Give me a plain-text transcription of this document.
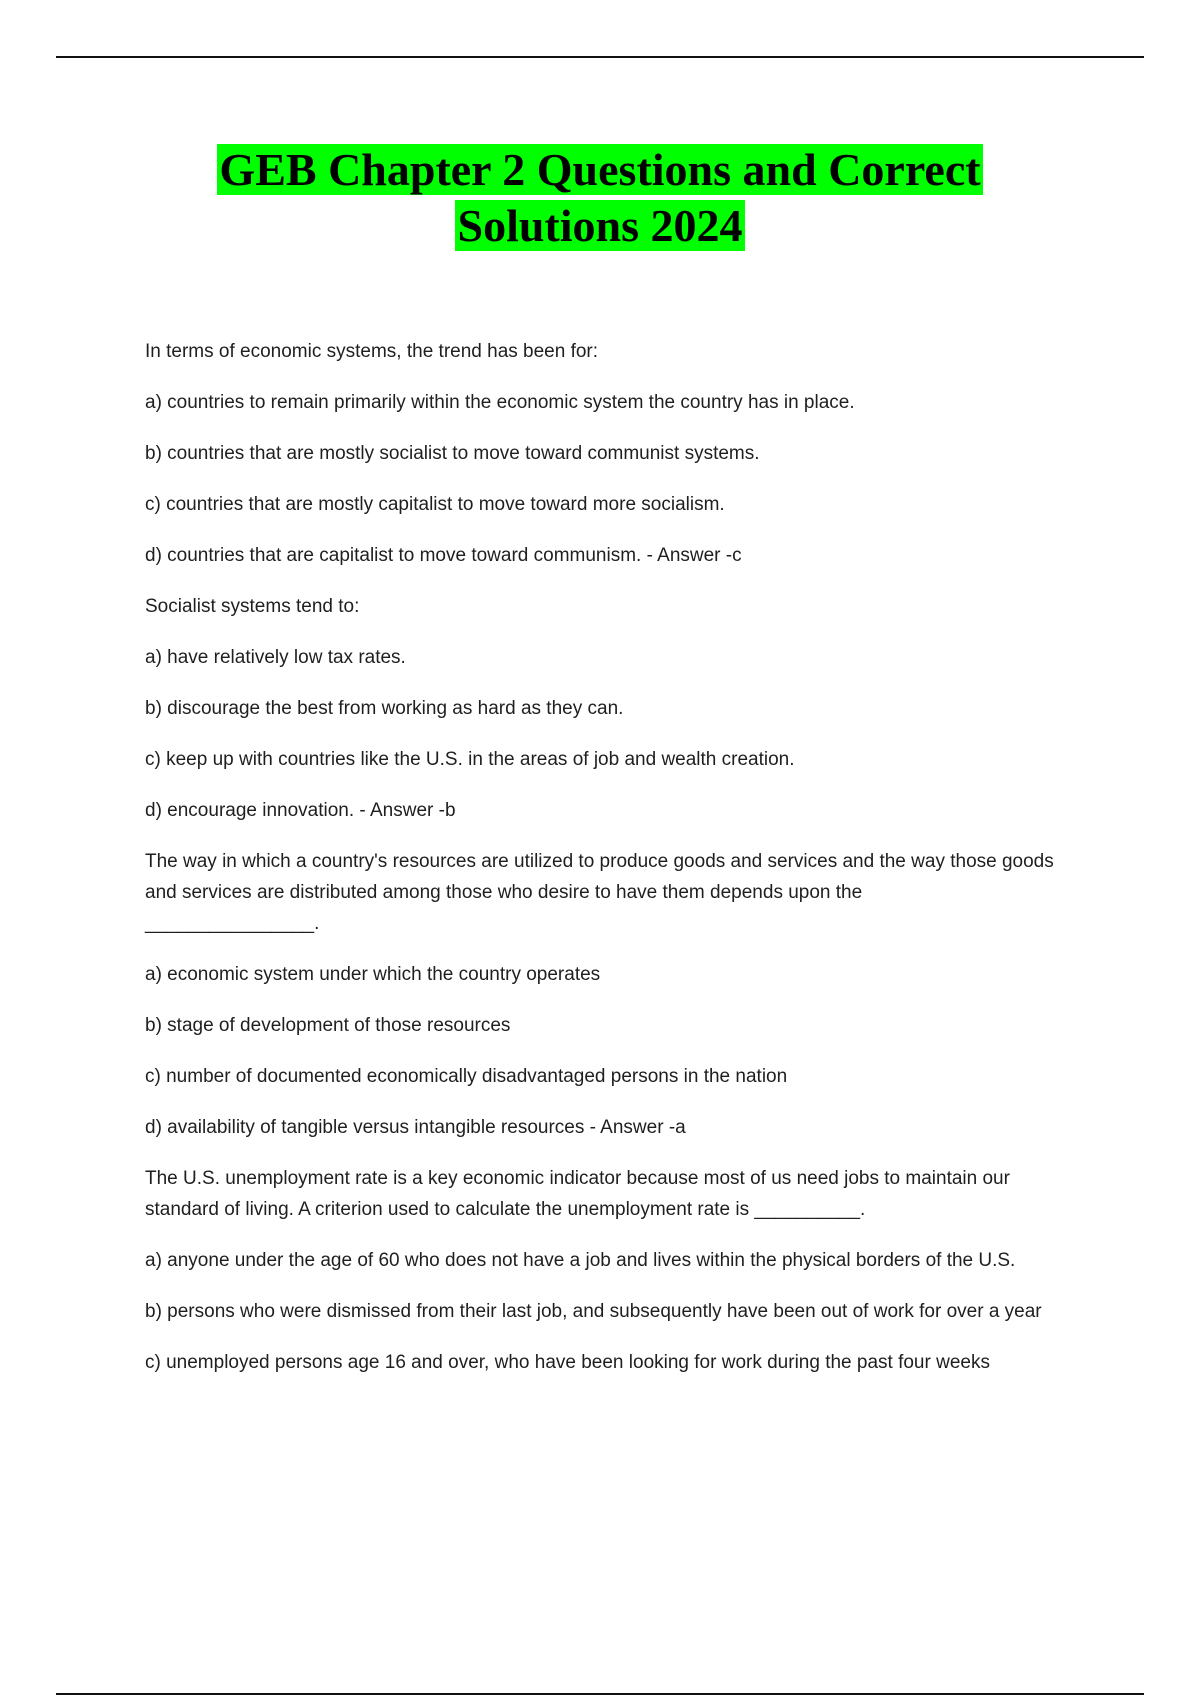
GEB Chapter 2 Questions and Correct
Solutions 2024

In terms of economic systems, the trend has been for:

a) countries to remain primarily within the economic system the country has in place.

b) countries that are mostly socialist to move toward communist systems.

c) countries that are mostly capitalist to move toward more socialism.

d) countries that are capitalist to move toward communism. - Answer -c

Socialist systems tend to:

a) have relatively low tax rates.

b) discourage the best from working as hard as they can.

c) keep up with countries like the U.S. in the areas of job and wealth creation.

d) encourage innovation. - Answer -b

The way in which a country's resources are utilized to produce goods and services and the way those goods and services are distributed among those who desire to have them depends upon the

________________.

a) economic system under which the country operates

b) stage of development of those resources

c) number of documented economically disadvantaged persons in the nation

d) availability of tangible versus intangible resources - Answer -a

The U.S. unemployment rate is a key economic indicator because most of us need jobs to maintain our standard of living. A criterion used to calculate the unemployment rate is __________.

a) anyone under the age of 60 who does not have a job and lives within the physical borders of the U.S.

b) persons who were dismissed from their last job, and subsequently have been out of work for over a year

c) unemployed persons age 16 and over, who have been looking for work during the past four weeks
